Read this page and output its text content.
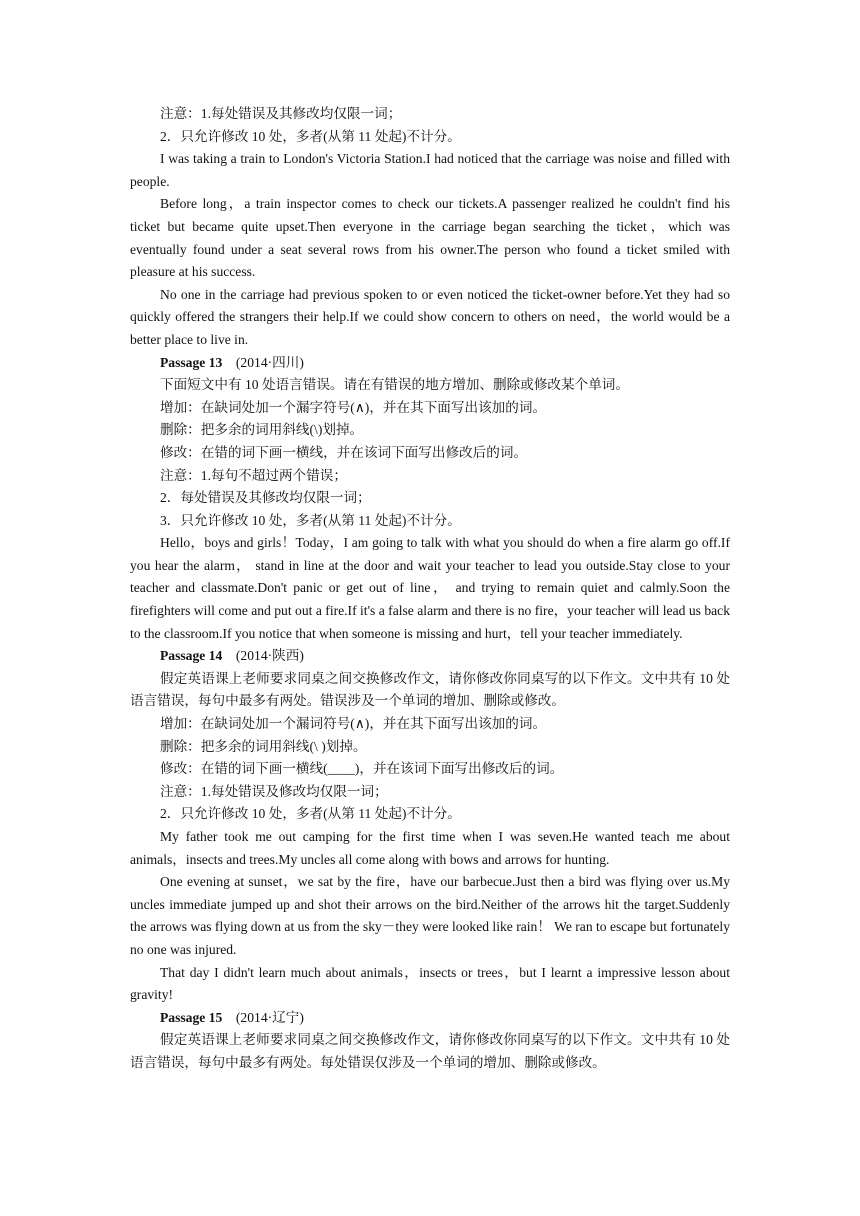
注意：1.每处错误及其修改均仅限一词；

2．只允许修改 10 处，多者(从第 11 处起)不计分。

I was taking a train to London's Victoria Station.I had noticed that the carriage was noise and filled with people.

Before long，a train inspector comes to check our tickets.A passenger realized he couldn't find his ticket but became quite upset.Then everyone in the carriage began searching the ticket，which was eventually found under a seat several rows from his owner.The person who found a ticket smiled with pleasure at his success.

No one in the carriage had previous spoken to or even noticed the ticket-owner before.Yet they had so quickly offered the strangers their help.If we could show concern to others on need，the world would be a better place to live in.

Passage 13 (2014·四川)

下面短文中有 10 处语言错误。请在有错误的地方增加、删除或修改某个单词。

增加：在缺词处加一个漏字符号(∧)，并在其下面写出该加的词。

删除：把多余的词用斜线(\)划掉。

修改：在错的词下画一横线，并在该词下面写出修改后的词。

注意：1.每句不超过两个错误；

2．每处错误及其修改均仅限一词；

3．只允许修改 10 处，多者(从第 11 处起)不计分。

Hello，boys and girls！Today，I am going to talk with what you should do when a fire alarm go off.If you hear the alarm， stand in line at the door and wait your teacher to lead you outside.Stay close to your teacher and classmate.Don't panic or get out of line， and trying to remain quiet and calmly.Soon the firefighters will come and put out a fire.If it's a false alarm and there is no fire，your teacher will lead us back to the classroom.If you notice that when someone is missing and hurt，tell your teacher immediately.

Passage 14 (2014·陕西)

假定英语课上老师要求同桌之间交换修改作文，请你修改你同桌写的以下作文。文中共有 10 处语言错误，每句中最多有两处。错误涉及一个单词的增加、删除或修改。

增加：在缺词处加一个漏词符号(∧)，并在其下面写出该加的词。

删除：把多余的词用斜线(\ )划掉。

修改：在错的词下画一横线(____)，并在该词下面写出修改后的词。

注意：1.每处错误及修改均仅限一词；

2．只允许修改 10 处，多者(从第 11 处起)不计分。

My father took me out camping for the first time when I was seven.He wanted teach me about animals，insects and trees.My uncles all come along with bows and arrows for hunting.

One evening at sunset，we sat by the fire，have our barbecue.Just then a bird was flying over us.My uncles immediate jumped up and shot their arrows on the bird.Neither of the arrows hit the target.Suddenly the arrows was flying down at us from the sky－they were looked like rain！ We ran to escape but fortunately no one was injured.

That day I didn't learn much about animals，insects or trees，but I learnt a impressive lesson about gravity!

Passage 15 (2014·辽宁)

假定英语课上老师要求同桌之间交换修改作文，请你修改你同桌写的以下作文。文中共有 10 处语言错误，每句中最多有两处。每处错误仅涉及一个单词的增加、删除或修改。
